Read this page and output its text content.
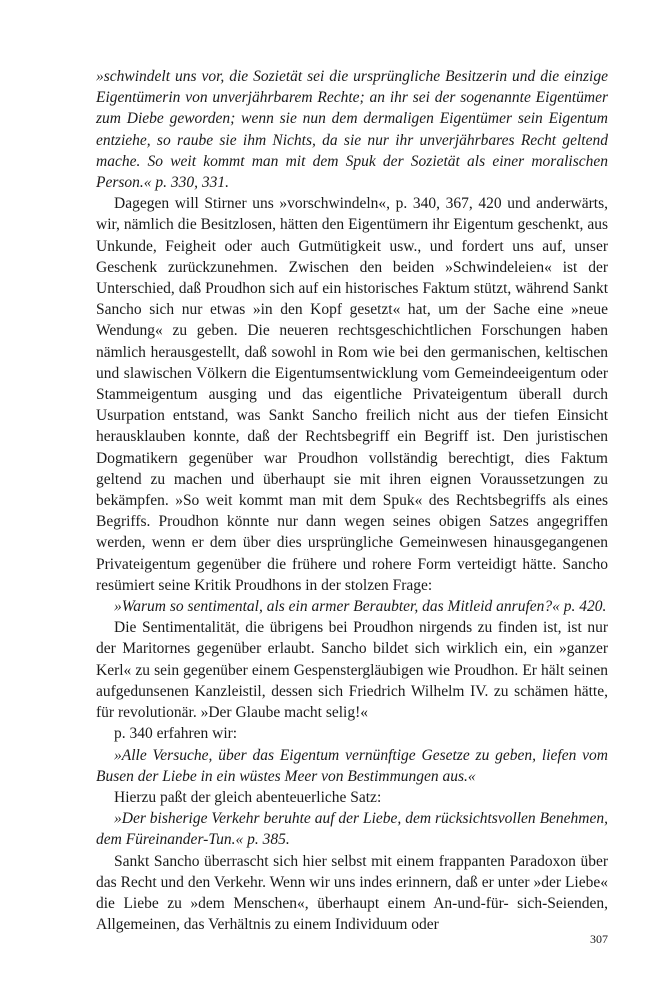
»schwindelt uns vor, die Sozietät sei die ursprüngliche Besitzerin und die einzige Eigentümerin von unverjährbarem Rechte; an ihr sei der sogenannte Eigentümer zum Diebe geworden; wenn sie nun dem dermaligen Eigentümer sein Eigentum entziehe, so raube sie ihm Nichts, da sie nur ihr unverjährbares Recht geltend mache. So weit kommt man mit dem Spuk der Sozietät als einer moralischen Person.« p. 330, 331.

Dagegen will Stirner uns »vorschwindeln«, p. 340, 367, 420 und anderwärts, wir, nämlich die Besitzlosen, hätten den Eigentümern ihr Eigentum geschenkt, aus Unkunde, Feigheit oder auch Gutmütigkeit usw., und fordert uns auf, unser Geschenk zurückzunehmen. Zwischen den beiden »Schwindeleien« ist der Unterschied, daß Proudhon sich auf ein historisches Faktum stützt, während Sankt Sancho sich nur etwas »in den Kopf gesetzt« hat, um der Sache eine »neue Wendung« zu geben. Die neueren rechtsgeschichtlichen Forschungen haben nämlich herausgestellt, daß sowohl in Rom wie bei den germanischen, keltischen und slawischen Völkern die Eigentumsentwicklung vom Gemeindeeigentum oder Stammeigentum ausging und das eigentliche Privateigentum überall durch Usurpation entstand, was Sankt Sancho freilich nicht aus der tiefen Einsicht herausklauben konnte, daß der Rechtsbegriff ein Begriff ist. Den juristischen Dogmatikern gegenüber war Proudhon vollständig berechtigt, dies Faktum geltend zu machen und überhaupt sie mit ihren eignen Voraussetzungen zu bekämpfen. »So weit kommt man mit dem Spuk« des Rechtsbegriffs als eines Begriffs. Proudhon könnte nur dann wegen seines obigen Satzes angegriffen werden, wenn er dem über dies ursprüngliche Gemeinwesen hinausgegangenen Privateigentum gegenüber die frühere und rohere Form verteidigt hätte. Sancho resümiert seine Kritik Proudhons in der stolzen Frage:

»Warum so sentimental, als ein armer Beraubter, das Mitleid anrufen?« p. 420.

Die Sentimentalität, die übrigens bei Proudhon nirgends zu finden ist, ist nur der Maritornes gegenüber erlaubt. Sancho bildet sich wirklich ein, ein »ganzer Kerl« zu sein gegenüber einem Gespenstergläubigen wie Proudhon. Er hält seinen aufgedunsenen Kanzleistil, dessen sich Friedrich Wilhelm IV. zu schämen hätte, für revolutionär. »Der Glaube macht selig!«

p. 340 erfahren wir:

»Alle Versuche, über das Eigentum vernünftige Gesetze zu geben, liefen vom Busen der Liebe in ein wüstes Meer von Bestimmungen aus.«

Hierzu paßt der gleich abenteuerliche Satz:

»Der bisherige Verkehr beruhte auf der Liebe, dem rücksichtsvollen Benehmen, dem Füreinander-Tun.« p. 385.

Sankt Sancho überrascht sich hier selbst mit einem frappanten Paradoxon über das Recht und den Verkehr. Wenn wir uns indes erinnern, daß er unter »der Liebe« die Liebe zu »dem Menschen«, überhaupt einem An-und-für- sich-Seienden, Allgemeinen, das Verhältnis zu einem Individuum oder

307
